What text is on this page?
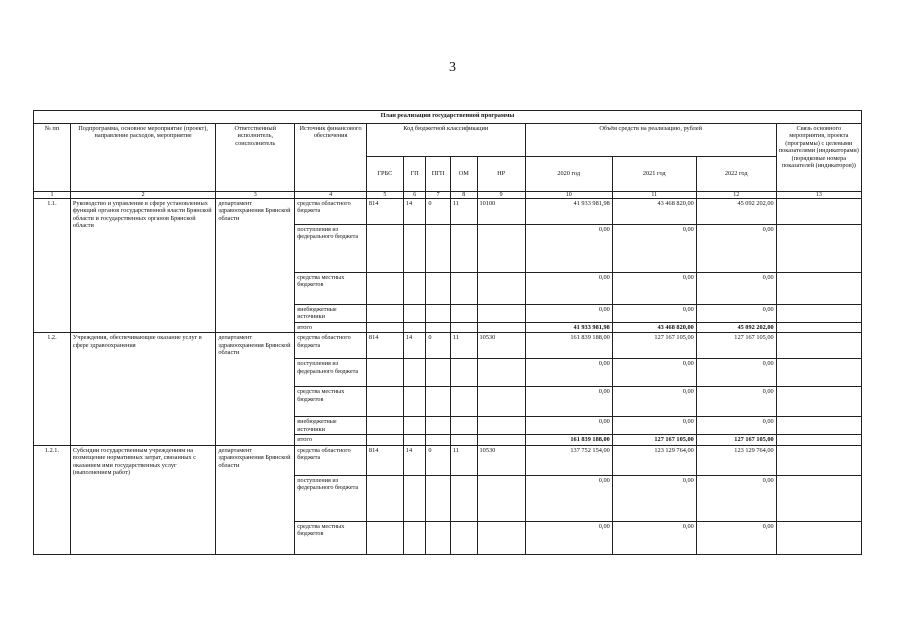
3
План реализации государственной программы												
№ пп	Подпрограмма, основное мероприятие (проект), направление расходов, мероприятие	Ответственный исполнитель, соисполнитель	Источник финансового обеспечения	Код бюджетной классификации					Объём средств на реализацию, рублей			Связь основного мероприятия, проекта (программы) с целевыми показателями (индикаторами) (порядковые номера показателей (индикаторов))
				ГРБС	ГП	ПГП	ОМ	НР	2020 год	2021 год	2022 год	
1	2	3	4	5	6	7	8	9	10	11	12	13
1.1.	Руководство и управление в сфере установленных функций органов государственной власти Брянской области и государственных органов Брянской области	департамент здравоохранения Брянской области	средства областного бюджета	814	14	0	11	10100	41 933 981,98	43 468 820,00	45 092 202,00	
			поступления из федерального бюджета						0,00	0,00	0,00	
			средства местных бюджетов						0,00	0,00	0,00	
			внебюджетные источники						0,00	0,00	0,00	
			итого						41 933 981,98	43 468 820,00	45 092 202,00	
1.2.	Учреждения, обеспечивающие оказание услуг в сфере здравоохранения	департамент здравоохранения Брянской области	средства областного бюджета	814	14	0	11	10530	161 839 188,00	127 167 105,00	127 167 105,00	
			поступления из федерального бюджета						0,00	0,00	0,00	
			средства местных бюджетов						0,00	0,00	0,00	
			внебюджетные источники						0,00	0,00	0,00	
			итого						161 839 188,00	127 167 105,00	127 167 105,00	
1.2.1.	Субсидии государственным учреждениям на возмещение нормативных затрат, связанных с оказанием ими государственных услуг (выполнением работ)	департамент здравоохранения Брянской области	средства областного бюджета	814	14	0	11	10530	137 752 154,00	123 129 764,00	123 129 764,00	
			поступления из федерального бюджета						0,00	0,00	0,00	
			средства местных бюджетов						0,00	0,00	0,00	
